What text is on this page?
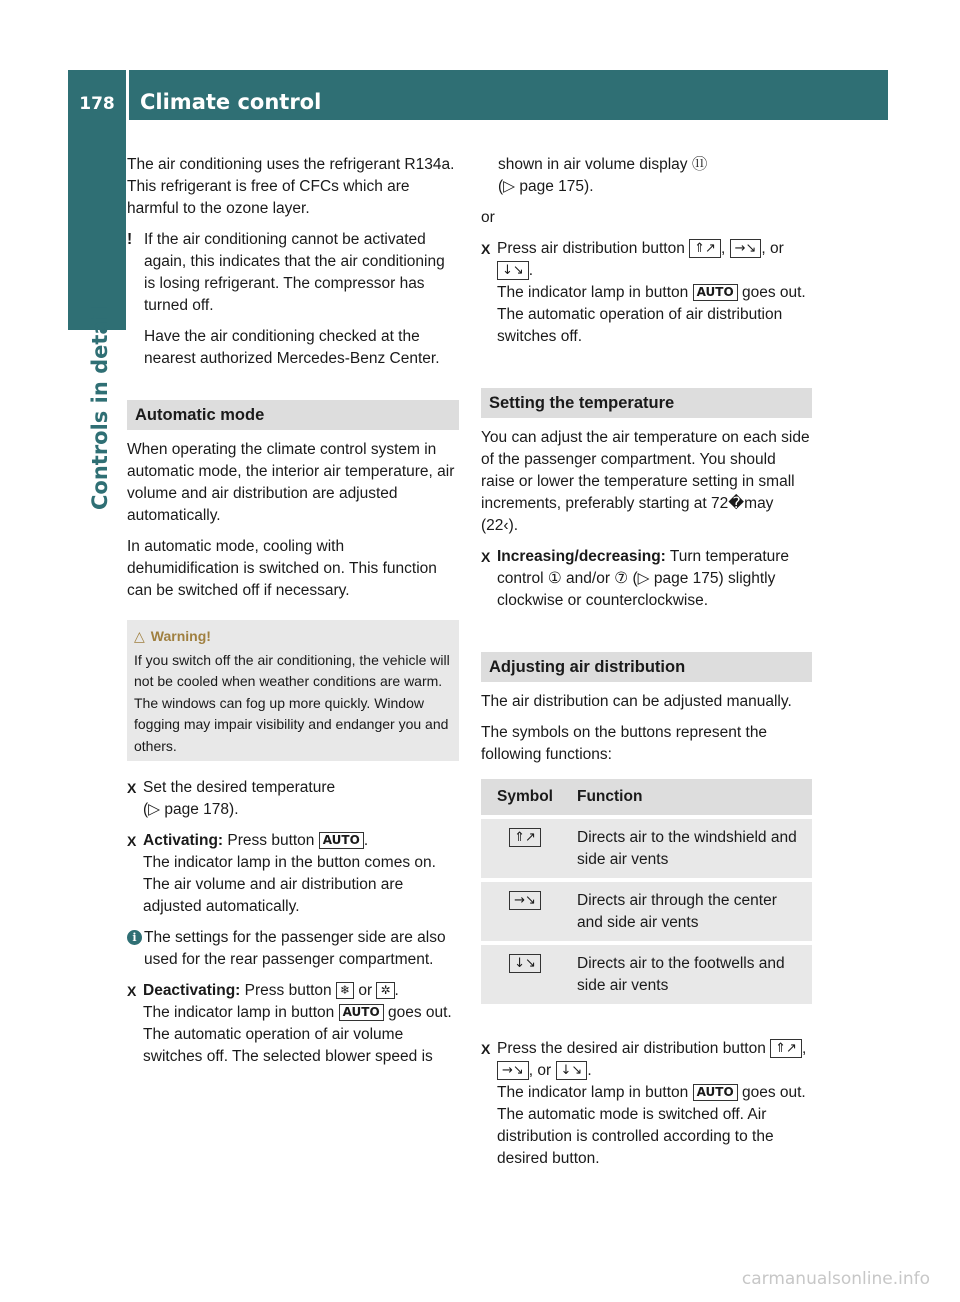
178	Climate control
Controls in detail

The air conditioning uses the refrigerant R134a. This refrigerant is free of CFCs which are harmful to the ozone layer.

! If the air conditioning cannot be activated again, this indicates that the air conditioning is losing refrigerant. The compressor has turned off.

Have the air conditioning checked at the nearest authorized Mercedes-Benz Center.

Automatic mode

When operating the climate control system in automatic mode, the interior air temperature, air volume and air distribution are adjusted automatically.

In automatic mode, cooling with dehumidification is switched on. This function can be switched off if necessary.

△ Warning!
If you switch off the air conditioning, the vehicle will not be cooled when weather conditions are warm. The windows can fog up more quickly. Window fogging may impair visibility and endanger you and others.
X Set the desired temperature
(▷ page 178).
X Activating: Press button AUTO .
The indicator lamp in the button comes on. The air volume and air distribution are adjusted automatically.
i The settings for the passenger side are also used for the rear passenger compartment.

X Deactivating: Press button ❄ or ✲ .
The indicator lamp in button AUTO goes out. The automatic operation of air volume switches off. The selected blower speed is
shown in air volume display ⑪
(▷ page 175).

or

X Press air distribution button ⇑↗ , →↘ , or ↓↘ .
The indicator lamp in button AUTO goes out. The automatic operation of air distribution switches off.
Setting the temperature

You can adjust the air temperature on each side of the passenger compartment. You should raise or lower the temperature setting in small increments, preferably starting at 72�may (22‹).

X Increasing/decreasing: Turn temperature control ① and/or ⑦ (▷ page 175) slightly clockwise or counterclockwise.
Adjusting air distribution

The air distribution can be adjusted manually.

The symbols on the buttons represent the following functions:

Symbol	Function
⇑↗	Directs air to the windshield and side air vents
→↘	Directs air through the center and side air vents
↓↘	Directs air to the footwells and side air vents
X Press the desired air distribution button ⇑↗ , →↘ , or ↓↘ .
The indicator lamp in button AUTO goes out. The automatic mode is switched off. Air distribution is controlled according to the desired button.
carmanualsonline.info
